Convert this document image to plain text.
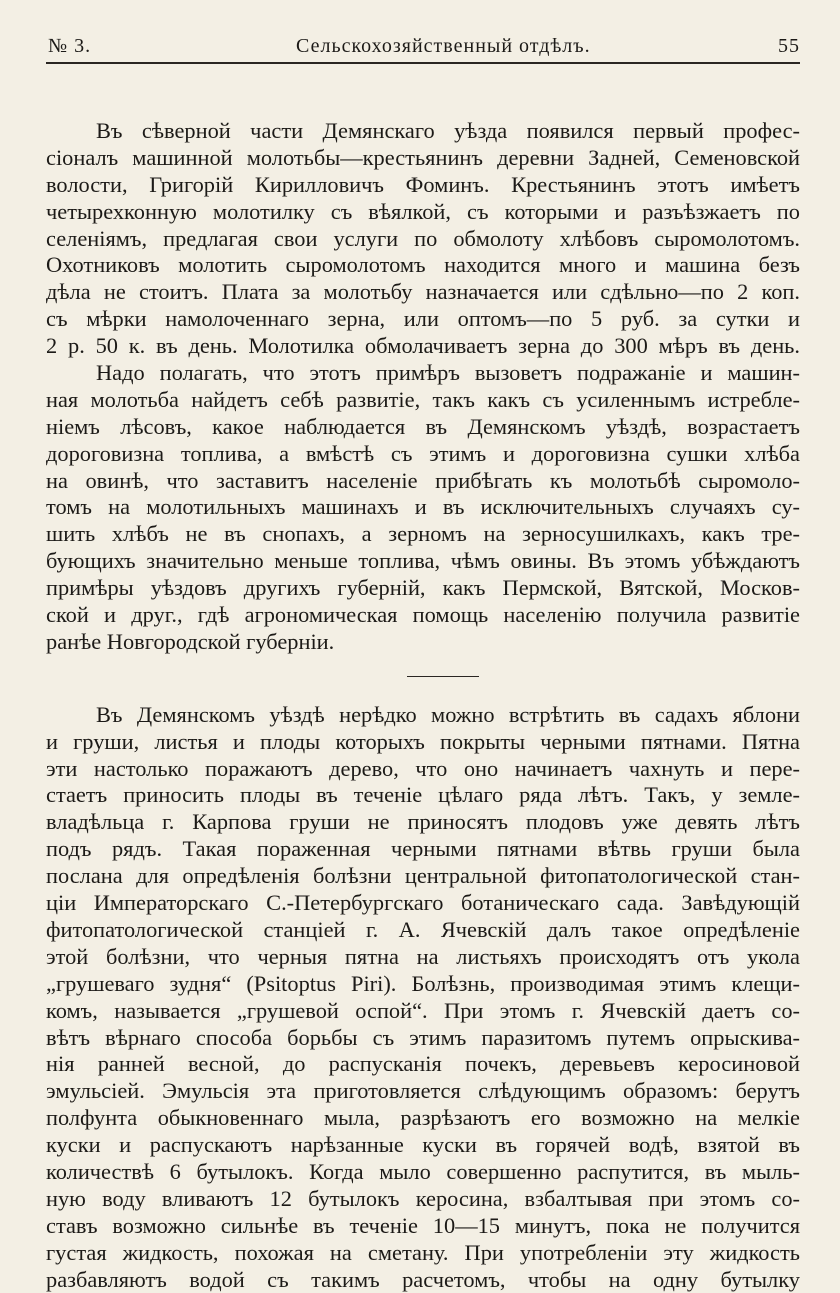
№ 3.	Сельскохозяйственный отдѣлъ.	55
Въ сѣверной части Демянскаго уѣзда появился первый профес-
сіоналъ машинной молотьбы—крестьянинъ деревни Задней, Семеновской
волости, Григорій Кирилловичъ Фоминъ. Крестьянинъ этотъ имѣетъ
четырехконную молотилку съ вѣялкой, съ которыми и разъѣзжаетъ по
селеніямъ, предлагая свои услуги по обмолоту хлѣбовъ сыромолотомъ.
Охотниковъ молотить сыромолотомъ находится много и машина безъ
дѣла не стоитъ. Плата за молотьбу назначается или сдѣльно—по 2 коп.
съ мѣрки намолоченнаго зерна, или оптомъ—по 5 руб. за сутки и
2 р. 50 к. въ день. Молотилка обмолачиваетъ зерна до 300 мѣръ въ день.
Надо полагать, что этотъ примѣръ вызоветъ подражаніе и машин-
ная молотьба найдетъ себѣ развитіе, такъ какъ съ усиленнымъ истребле-
ніемъ лѣсовъ, какое наблюдается въ Демянскомъ уѣздѣ, возрастаетъ
дороговизна топлива, а вмѣстѣ съ этимъ и дороговизна сушки хлѣба
на овинѣ, что заставитъ населеніе прибѣгать къ молотьбѣ сыромоло-
томъ на молотильныхъ машинахъ и въ исключительныхъ случаяхъ су-
шить хлѣбъ не въ снопахъ, а зерномъ на зерносушилкахъ, какъ тре-
бующихъ значительно меньше топлива, чѣмъ овины. Въ этомъ убѣждаютъ
примѣры уѣздовъ другихъ губерній, какъ Пермской, Вятской, Москов-
ской и друг., гдѣ агрономическая помощь населенію получила развитіе
ранѣе Новгородской губерніи.
Въ Демянскомъ уѣздѣ нерѣдко можно встрѣтить въ садахъ яблони
и груши, листья и плоды которыхъ покрыты черными пятнами. Пятна
эти настолько поражаютъ дерево, что оно начинаетъ чахнуть и пере-
стаетъ приносить плоды въ теченіе цѣлаго ряда лѣтъ. Такъ, у земле-
владѣльца г. Карпова груши не приносятъ плодовъ уже девять лѣтъ
подъ рядъ. Такая пораженная черными пятнами вѣтвь груши была
послана для опредѣленія болѣзни центральной фитопатологической стан-
ціи Императорскаго С.-Петербургскаго ботаническаго сада. Завѣдующій
фитопатологической станціей г. А. Ячевскій далъ такое опредѣленіе
этой болѣзни, что черныя пятна на листьяхъ происходятъ отъ укола
„грушеваго зудня“ (Psitoptus Piri). Болѣзнь, производимая этимъ клещи-
комъ, называется „грушевой оспой“. При этомъ г. Ячевскій даетъ со-
вѣтъ вѣрнаго способа борьбы съ этимъ паразитомъ путемъ опрыскива-
нія ранней весной, до распусканія почекъ, деревьевъ керосиновой
эмульсіей. Эмульсія эта приготовляется слѣдующимъ образомъ: берутъ
полфунта обыкновеннаго мыла, разрѣзаютъ его возможно на мелкіе
куски и распускаютъ нарѣзанные куски въ горячей водѣ, взятой въ
количествѣ 6 бутылокъ. Когда мыло совершенно распутится, въ мыль-
ную воду вливаютъ 12 бутылокъ керосина, взбалтывая при этомъ со-
ставъ возможно сильнѣе въ теченіе 10—15 минутъ, пока не получится
густая жидкость, похожая на сметану. При употребленіи эту жидкость
разбавляютъ водой съ такимъ расчетомъ, чтобы на одну бутылку
